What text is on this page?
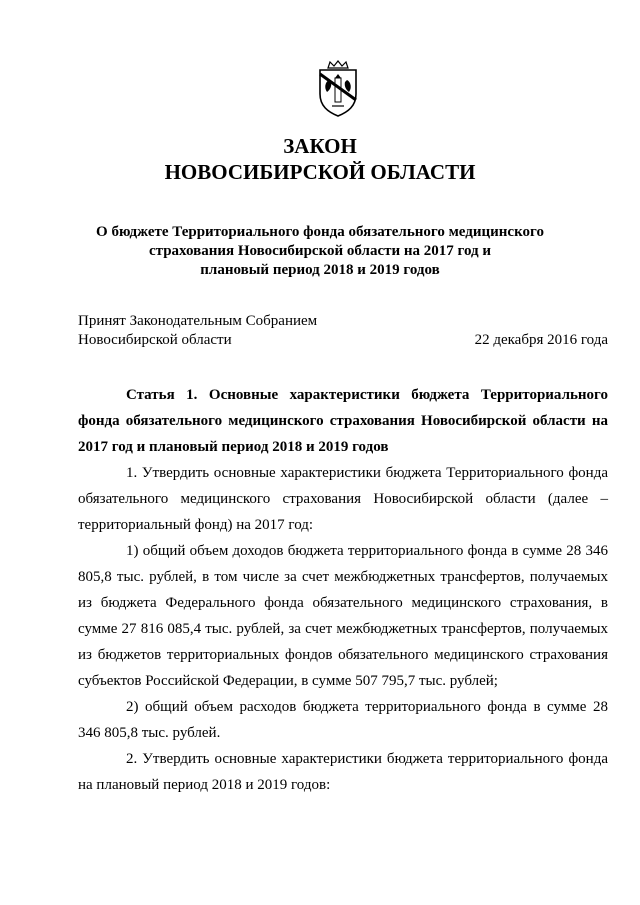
ЗАКОН
НОВОСИБИРСКОЙ ОБЛАСТИ
О бюджете Территориального фонда обязательного медицинского
страхования Новосибирской области на 2017 год и
плановый период 2018 и 2019 годов
Принят Законодательным Собранием
Новосибирской области	22 декабря 2016 года

Статья 1. Основные характеристики бюджета Территориального фонда обязательного медицинского страхования Новосибирской области на 2017 год и плановый период 2018 и 2019 годов

1. Утвердить основные характеристики бюджета Территориального фонда обязательного медицинского страхования Новосибирской области (далее – территориальный фонд) на 2017 год:

1) общий объем доходов бюджета территориального фонда в сумме 28 346 805,8 тыс. рублей, в том числе за счет межбюджетных трансфертов, получаемых из бюджета Федерального фонда обязательного медицинского страхования, в сумме 27 816 085,4 тыс. рублей, за счет межбюджетных трансфертов, получаемых из бюджетов территориальных фондов обязательного медицинского страхования субъектов Российской Федерации, в сумме 507 795,7 тыс. рублей;

2) общий объем расходов бюджета территориального фонда в сумме 28 346 805,8 тыс. рублей.

2. Утвердить основные характеристики бюджета территориального фонда на плановый период 2018 и 2019 годов:
